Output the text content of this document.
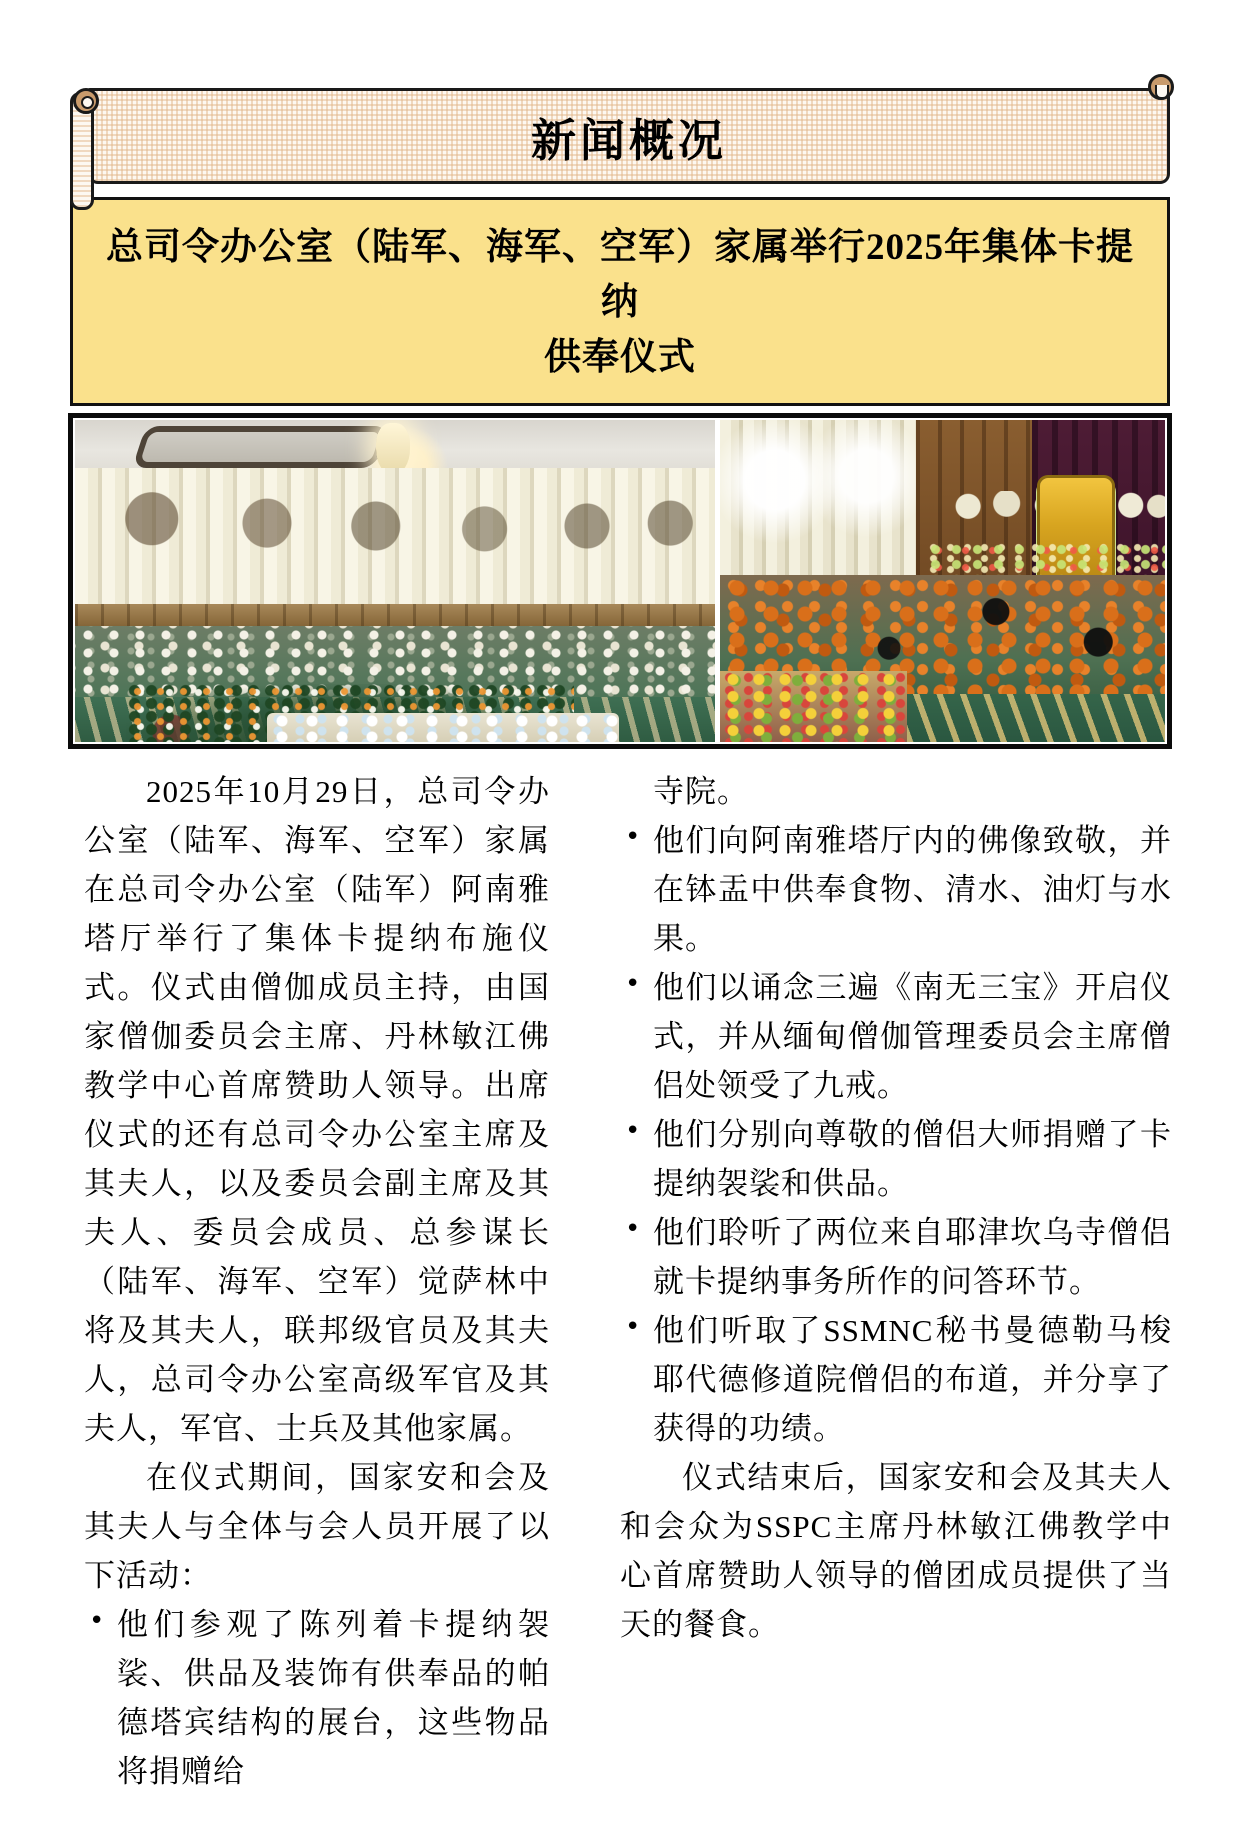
新闻概况
总司令办公室（陆军、海军、空军）家属举行2025年集体卡提纳
供奉仪式
2025年10月29日，总司令办公室（陆军、海军、空军）家属在总司令办公室（陆军）阿南雅塔厅举行了集体卡提纳布施仪式。仪式由僧伽成员主持，由国家僧伽委员会主席、丹林敏江佛教学中心首席赞助人领导。出席仪式的还有总司令办公室主席及其夫人，以及委员会副主席及其夫人、委员会成员、总参谋长（陆军、海军、空军）觉萨林中将及其夫人，联邦级官员及其夫人，总司令办公室高级军官及其夫人，军官、士兵及其他家属。
在仪式期间，国家安和会及其夫人与全体与会人员开展了以下活动：
• 他们参观了陈列着卡提纳袈裟、供品及装饰有供奉品的帕德塔宾结构的展台，这些物品将捐赠给
寺院。
• 他们向阿南雅塔厅内的佛像致敬，并在钵盂中供奉食物、清水、油灯与水果。
• 他们以诵念三遍《南无三宝》开启仪式，并从缅甸僧伽管理委员会主席僧侣处领受了九戒。
• 他们分别向尊敬的僧侣大师捐赠了卡提纳袈裟和供品。
• 他们聆听了两位来自耶津坎乌寺僧侣就卡提纳事务所作的问答环节。
• 他们听取了SSMNC秘书曼德勒马梭耶代德修道院僧侣的布道，并分享了获得的功绩。
仪式结束后，国家安和会及其夫人和会众为SSPC主席丹林敏江佛教学中心首席赞助人领导的僧团成员提供了当天的餐食。
